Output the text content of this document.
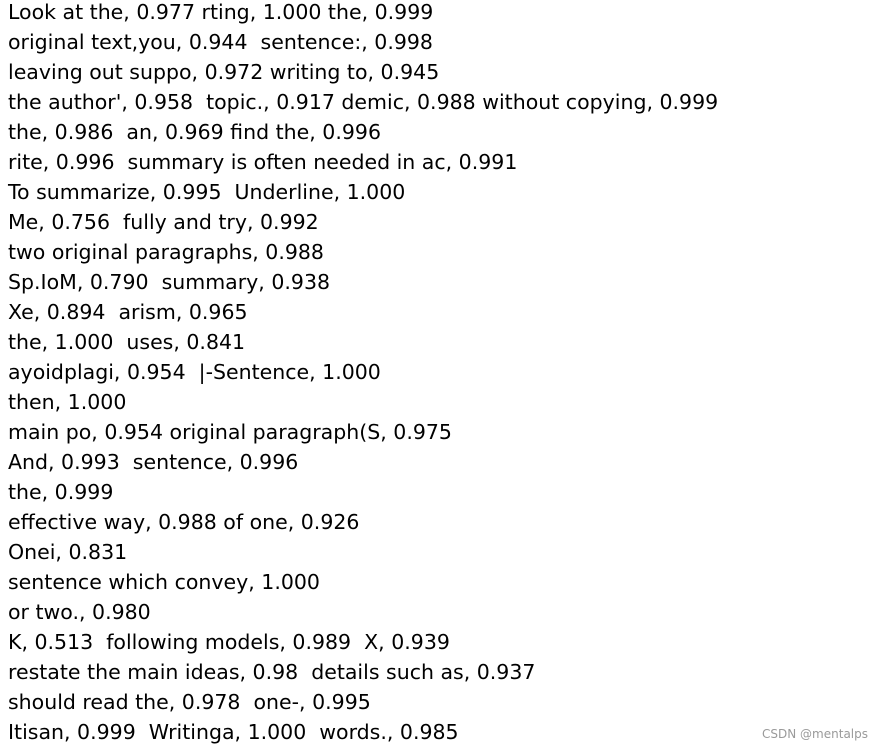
Look at the, 0.977 rting, 1.000 the, 0.999
original text,you, 0.944  sentence:, 0.998
leaving out suppo, 0.972 writing to, 0.945
the author', 0.958  topic., 0.917 demic, 0.988 without copying, 0.999
the, 0.986  an, 0.969 find the, 0.996
rite, 0.996  summary is often needed in ac, 0.991
To summarize, 0.995  Underline, 1.000
Me, 0.756  fully and try, 0.992
two original paragraphs, 0.988
Sp.IoM, 0.790  summary, 0.938
Xe, 0.894  arism, 0.965
the, 1.000  uses, 0.841
ayoidplagi, 0.954  |-Sentence, 1.000
then, 1.000
main po, 0.954 original paragraph(S, 0.975
And, 0.993  sentence, 0.996
the, 0.999
effective way, 0.988 of one, 0.926
Onei, 0.831
sentence which convey, 1.000
or two., 0.980
K, 0.513  following models, 0.989  X, 0.939
restate the main ideas, 0.98  details such as, 0.937
should read the, 0.978  one-, 0.995
Itisan, 0.999  Writinga, 1.000  words., 0.985	CSDN @mentalps
